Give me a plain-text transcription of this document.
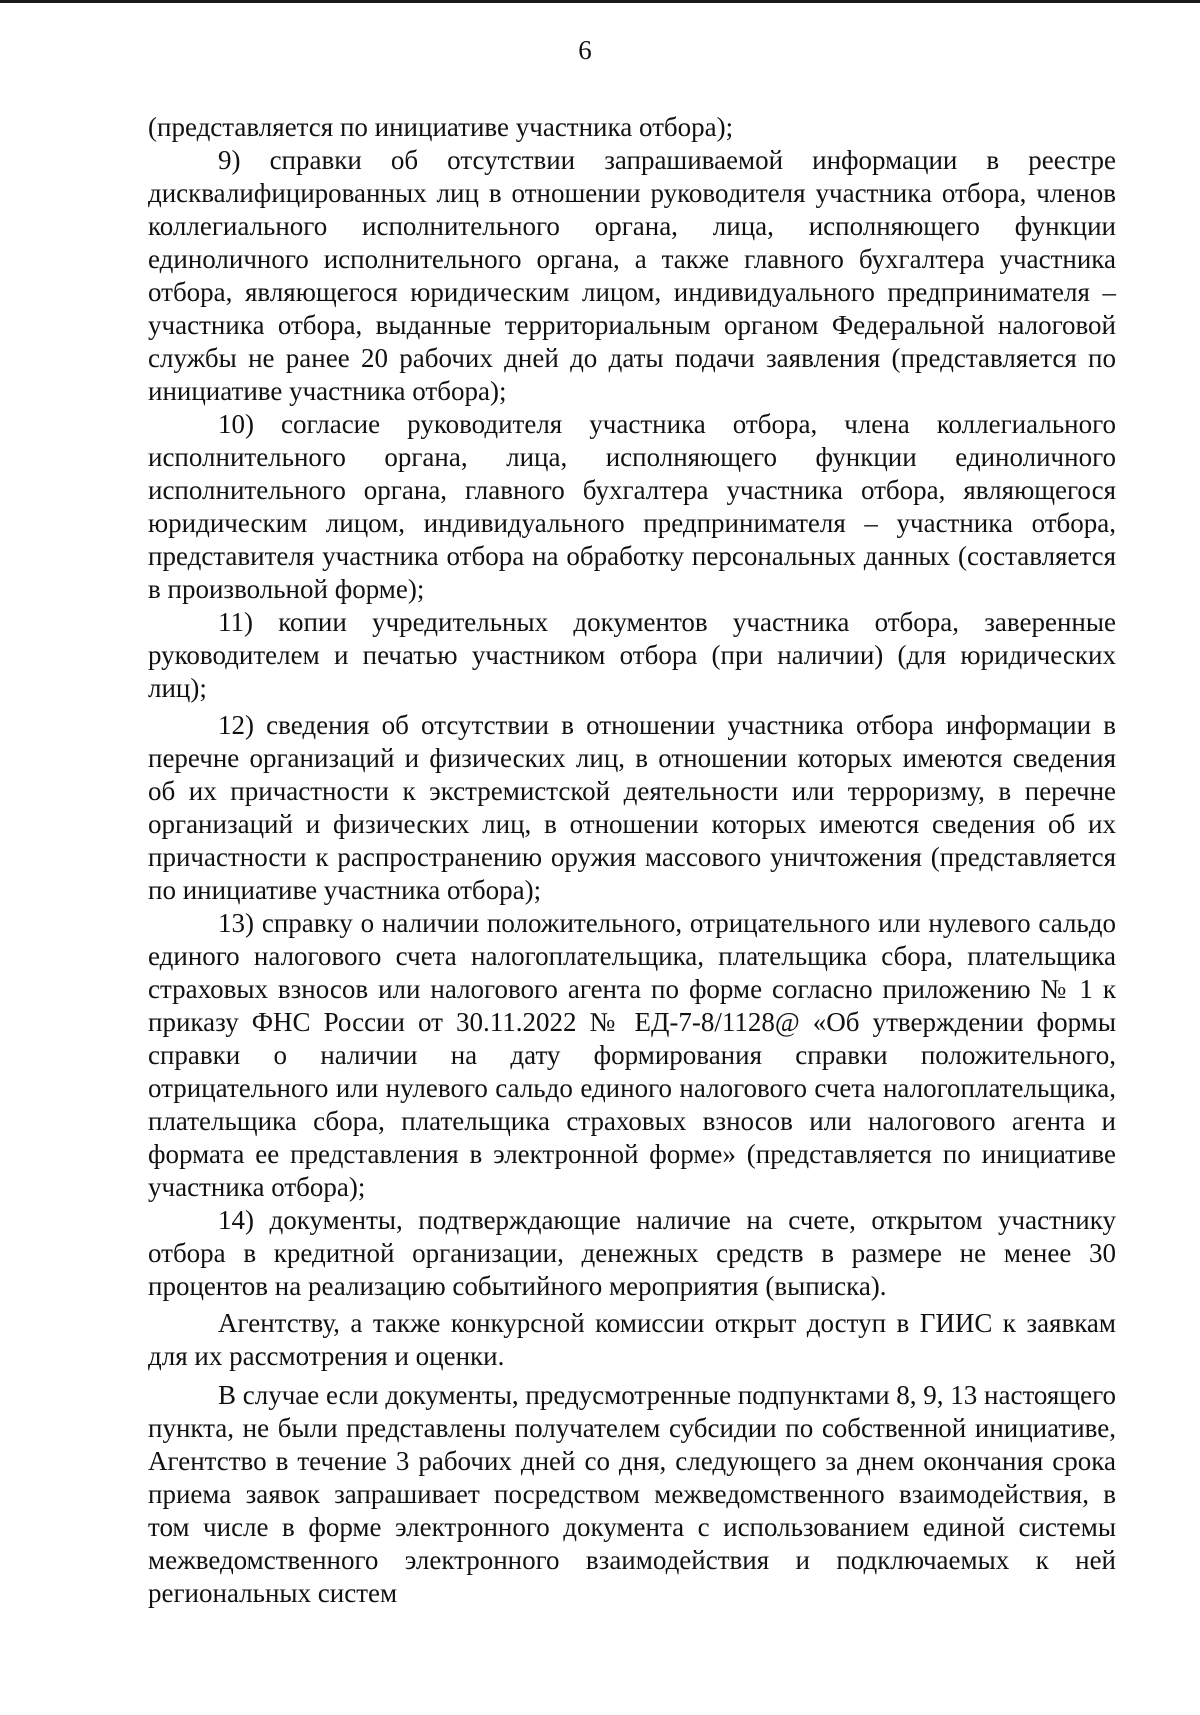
6

(представляется по инициативе участника отбора);

9) справки об отсутствии запрашиваемой информации в реестре дисквалифицированных лиц в отношении руководителя участника отбора, членов коллегиального исполнительного органа, лица, исполняющего функции единоличного исполнительного органа, а также главного бухгалтера участника отбора, являющегося юридическим лицом, индивидуального предпринимателя – участника отбора, выданные территориальным органом Федеральной налоговой службы не ранее 20 рабочих дней до даты подачи заявления (представляется по инициативе участника отбора);

10) согласие руководителя участника отбора, члена коллегиального исполнительного органа, лица, исполняющего функции единоличного исполнительного органа, главного бухгалтера участника отбора, являющегося юридическим лицом, индивидуального предпринимателя – участника отбора, представителя участника отбора на обработку персональных данных (составляется в произвольной форме);

11) копии учредительных документов участника отбора, заверенные руководителем и печатью участником отбора (при наличии) (для юридических лиц);

12) сведения об отсутствии в отношении участника отбора информации в перечне организаций и физических лиц, в отношении которых имеются сведения об их причастности к экстремистской деятельности или терроризму, в перечне организаций и физических лиц, в отношении которых имеются сведения об их причастности к распространению оружия массового уничтожения (представляется по инициативе участника отбора);

13) справку о наличии положительного, отрицательного или нулевого сальдо единого налогового счета налогоплательщика, плательщика сбора, плательщика страховых взносов или налогового агента по форме согласно приложению № 1 к приказу ФНС России от 30.11.2022 № ЕД-7-8/1128@ «Об утверждении формы справки о наличии на дату формирования справки положительного, отрицательного или нулевого сальдо единого налогового счета налогоплательщика, плательщика сбора, плательщика страховых взносов или налогового агента и формата ее представления в электронной форме» (представляется по инициативе участника отбора);

14) документы, подтверждающие наличие на счете, открытом участнику отбора в кредитной организации, денежных средств в размере не менее 30 процентов на реализацию событийного мероприятия (выписка).

Агентству, а также конкурсной комиссии открыт доступ в ГИИС к заявкам для их рассмотрения и оценки.

В случае если документы, предусмотренные подпунктами 8, 9, 13 настоящего пункта, не были представлены получателем субсидии по собственной инициативе, Агентство в течение 3 рабочих дней со дня, следующего за днем окончания срока приема заявок запрашивает посредством межведомственного взаимодействия, в том числе в форме электронного документа с использованием единой системы межведомственного электронного взаимодействия и подключаемых к ней региональных систем
